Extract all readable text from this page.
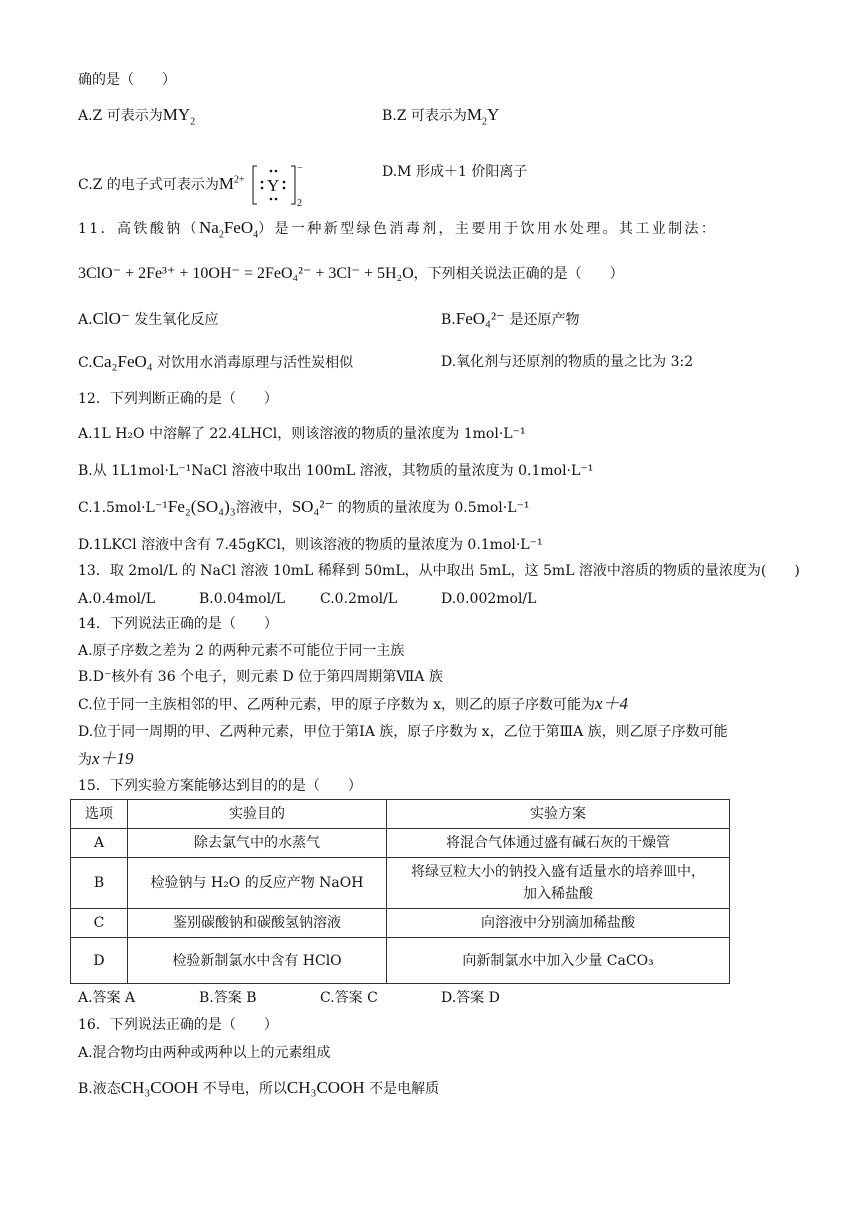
确的是（　　）
A.Z 可表示为$MY_2$	B.Z 可表示为$M_2Y$
C.Z 的电子式可表示为$M^{2+}$ Y
−
2
D.M 形成＋1 价阳离子
11．高铁酸钠$(Na_2FeO_4)$是一种新型绿色消毒剂，主要用于饮用水处理。其工业制法：
3ClO⁻ + 2Fe³⁺ + 10OH⁻ = 2FeO₄²⁻ + 3Cl⁻ + 5H₂O，下列相关说法正确的是（　　）
A.ClO⁻ 发生氧化反应	B.FeO₄²⁻ 是还原产物
C.Ca₂FeO₄ 对饮用水消毒原理与活性炭相似	D.氧化剂与还原剂的物质的量之比为 3:2
12．下列判断正确的是（　　）
A.1L H₂O 中溶解了 22.4LHCl，则该溶液的物质的量浓度为 1mol·L⁻¹
B.从 1L1mol·L⁻¹NaCl 溶液中取出 100mL 溶液，其物质的量浓度为 0.1mol·L⁻¹
C.1.5mol·L⁻¹Fe₂(SO₄)₃溶液中，SO₄²⁻ 的物质的量浓度为 0.5mol·L⁻¹
D.1LKCl 溶液中含有 7.45gKCl，则该溶液的物质的量浓度为 0.1mol·L⁻¹
13．取 2mol/L 的 NaCl 溶液 10mL 稀释到 50mL，从中取出 5mL，这 5mL 溶液中溶质的物质的量浓度为(　　)
A.0.4mol/L	B.0.04mol/L C.0.2mol/L	D.0.002mol/L
14．下列说法正确的是（　　）
A.原子序数之差为 2 的两种元素不可能位于同一主族
B.D⁻核外有 36 个电子，则元素 D 位于第四周期第ⅦA 族
C.位于同一主族相邻的甲、乙两种元素，甲的原子序数为 x，则乙的原子序数可能为x＋4
D.位于同一周期的甲、乙两种元素，甲位于第ⅠA 族，原子序数为 x，乙位于第ⅢA 族，则乙原子序数可能
为x＋19
15．下列实验方案能够达到目的的是（　　）
选项	实验目的	实验方案
A	除去氯气中的水蒸气	将混合气体通过盛有碱石灰的干燥管
B	检验钠与 H₂O 的反应产物 NaOH	将绿豆粒大小的钠投入盛有适量水的培养皿中，
加入稀盐酸

C	鉴别碳酸钠和碳酸氢钠溶液	向溶液中分别滴加稀盐酸
D	检验新制氯水中含有 HClO	向新制氯水中加入少量 CaCO₃
A.答案 A	B.答案 B	C.答案 C	D.答案 D
16．下列说法正确的是（　　）
A.混合物均由两种或两种以上的元素组成
B.液态CH₃COOH 不导电，所以CH₃COOH 不是电解质
